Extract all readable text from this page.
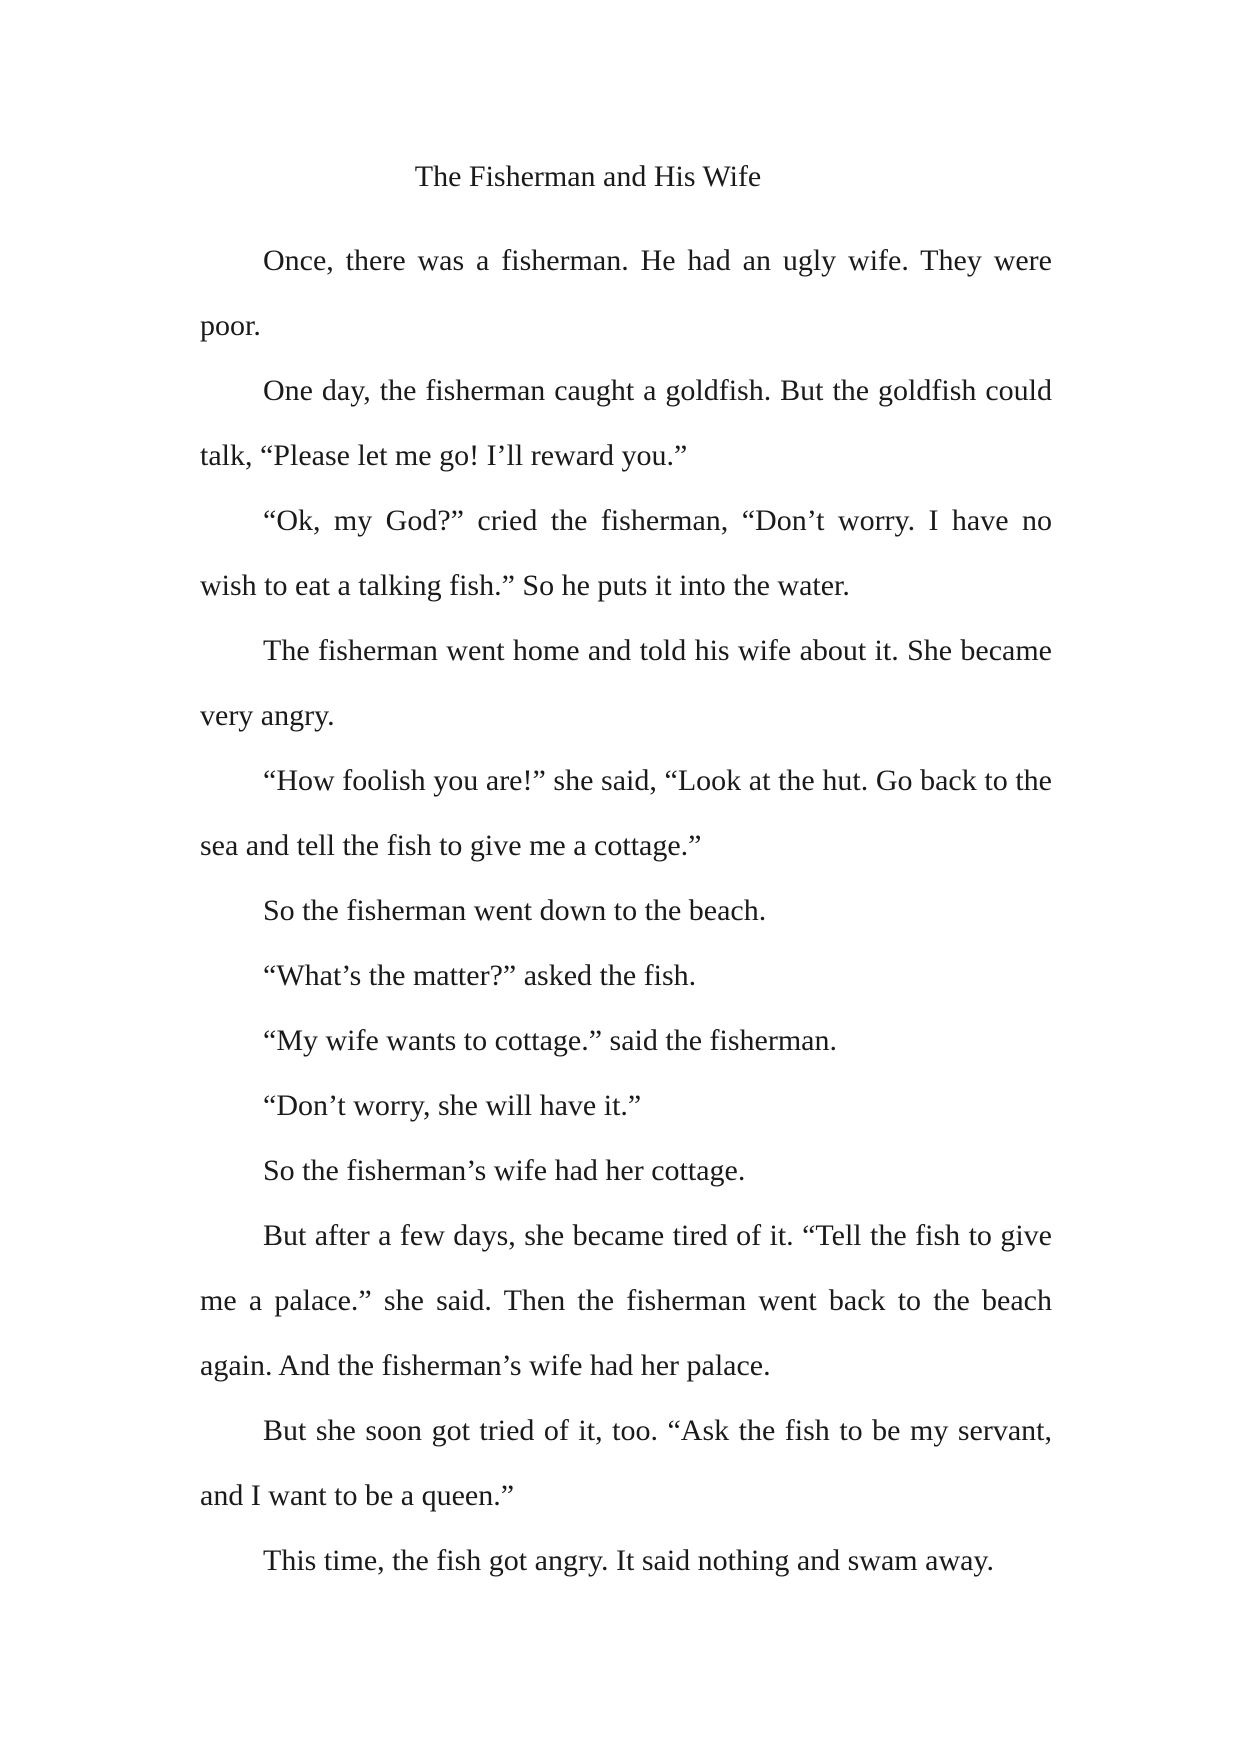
The Fisherman and His Wife

Once, there was a fisherman. He had an ugly wife. They were poor.

One day, the fisherman caught a goldfish. But the goldfish could talk, “Please let me go! I’ll reward you.”

“Ok, my God?” cried the fisherman, “Don’t worry. I have no wish to eat a talking fish.” So he puts it into the water.

The fisherman went home and told his wife about it. She became very angry.

“How foolish you are!” she said, “Look at the hut. Go back to the sea and tell the fish to give me a cottage.”

So the fisherman went down to the beach.

“What’s the matter?” asked the fish.

“My wife wants to cottage.” said the fisherman.

“Don’t worry, she will have it.”

So the fisherman’s wife had her cottage.

But after a few days, she became tired of it. “Tell the fish to give me a palace.” she said. Then the fisherman went back to the beach again. And the fisherman’s wife had her palace.

But she soon got tried of it, too. “Ask the fish to be my servant, and I want to be a queen.”

This time, the fish got angry. It said nothing and swam away.
